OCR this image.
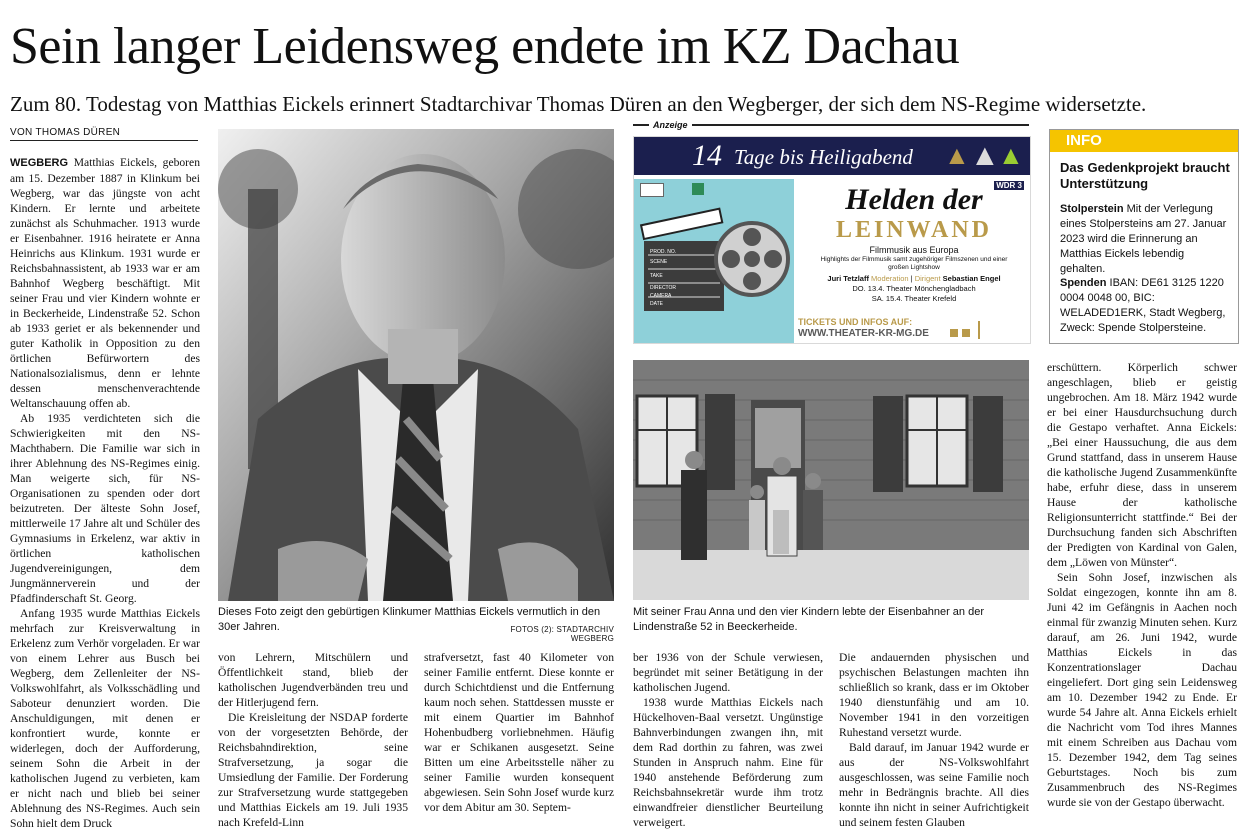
Sein langer Leidensweg endete im KZ Dachau
Zum 80. Todestag von Matthias Eickels erinnert Stadtarchivar Thomas Düren an den Wegberger, der sich dem NS-Regime widersetzte.
VON THOMAS DÜREN

WEGBERG Matthias Eickels, geboren am 15. Dezember 1887 in Klinkum bei Wegberg, war das jüngste von acht Kindern. Er lernte und arbeitete zunächst als Schuhmacher. 1913 wurde er Eisenbahner. 1916 heiratete er Anna Heinrichs aus Klinkum. 1931 wurde er Reichsbahnassistent, ab 1933 war er am Bahnhof Wegberg beschäftigt. Mit seiner Frau und vier Kindern wohnte er in Beckerheide, Lindenstraße 52. Schon ab 1933 geriet er als bekennender und guter Katholik in Opposition zu den örtlichen Befürwortern des Nationalsozialismus, denn er lehnte dessen menschenverachtende Weltanschauung offen ab.

Ab 1935 verdichteten sich die Schwierigkeiten mit den NS-Machthabern. Die Familie war sich in ihrer Ablehnung des NS-Regimes einig. Man weigerte sich, für NS-Organisationen zu spenden oder dort beizutreten. Der älteste Sohn Josef, mittlerweile 17 Jahre alt und Schüler des Gymnasiums in Erkelenz, war aktiv in örtlichen katholischen Jugendvereinigungen, dem Jungmännerverein und der Pfadfinderschaft St. Georg.

Anfang 1935 wurde Matthias Eickels mehrfach zur Kreisverwaltung in Erkelenz zum Verhör vorgeladen. Er war von einem Lehrer aus Busch bei Wegberg, dem Zellenleiter der NS-Volkswohlfahrt, als Volksschädling und Saboteur denunziert worden. Die Anschuldigungen, mit denen er konfrontiert wurde, konnte er widerlegen, doch der Aufforderung, seinem Sohn die Arbeit in der katholischen Jugend zu verbieten, kam er nicht nach und blieb bei seiner Ablehnung des NS-Regimes. Auch sein Sohn hielt dem Druck

Dieses Foto zeigt den gebürtigen Klinkumer Matthias Eickels vermutlich in den 30er Jahren.	FOTOS (2): STADTARCHIV WEGBERG

von Lehrern, Mitschülern und Öffentlichkeit stand, blieb der katholischen Jugendverbänden treu und der Hitlerjugend fern.

Die Kreisleitung der NSDAP forderte von der vorgesetzten Behörde, der Reichsbahndirektion, seine Strafversetzung, ja sogar die Umsiedlung der Familie. Der Forderung zur Strafversetzung wurde stattgegeben und Matthias Eickels am 19. Juli 1935 nach Krefeld-Linn

strafversetzt, fast 40 Kilometer von seiner Familie entfernt. Diese konnte er durch Schichtdienst und die Entfernung kaum noch sehen. Stattdessen musste er mit einem Quartier im Bahnhof Hohenbudberg vorliebnehmen. Häufig war er Schikanen ausgesetzt. Seine Bitten um eine Arbeitsstelle näher zu seiner Familie wurden konsequent abgewiesen. Sein Sohn Josef wurde kurz vor dem Abitur am 30. Septem-

Anzeige
14 Tage bis Heiligabend ▲ ▲
▲
PROD. NO.
SCENE
TAKE
DIRECTOR
CAMERA
DATE
WDR 3
Helden der
LEINWAND
Filmmusik aus Europa
Highlights der Filmmusik samt zugehöriger Filmszenen und einer großen Lightshow
Juri Tetzlaff Moderation | Dirigent Sebastian Engel
DO. 13.4. Theater Mönchengladbach
SA. 15.4. Theater Krefeld
TICKETS UND INFOS AUF:
WWW.THEATER-KR-MG.DE
Mit seiner Frau Anna und den vier Kindern lebte der Eisenbahner an der Lindenstraße 52 in Beeckerheide.

ber 1936 von der Schule verwiesen, begründet mit seiner Betätigung in der katholischen Jugend.

1938 wurde Matthias Eickels nach Hückelhoven-Baal versetzt. Ungünstige Bahnverbindungen zwangen ihn, mit dem Rad dorthin zu fahren, was zwei Stunden in Anspruch nahm. Eine für 1940 anstehende Beförderung zum Reichsbahnsekretär wurde ihm trotz einwandfreier dienstlicher Beurteilung verweigert.

Die andauernden physischen und psychischen Belastungen machten ihn schließlich so krank, dass er im Oktober 1940 dienstunfähig und am 10. November 1941 in den vorzeitigen Ruhestand versetzt wurde.

Bald darauf, im Januar 1942 wurde er aus der NS-Volkswohlfahrt ausgeschlossen, was seine Familie noch mehr in Bedrängnis brachte. All dies konnte ihn nicht in seiner Aufrichtigkeit und seinem festen Glauben

INFO
Das Gedenkprojekt braucht Unterstützung
Stolperstein Mit der Verlegung eines Stolpersteins am 27. Januar 2023 wird die Erinnerung an Matthias Eickels lebendig gehalten.
Spenden IBAN: DE61 3125 1220 0004 0048 00, BIC: WELADED1ERK, Stadt Wegberg, Zweck: Spende Stolpersteine.

erschüttern. Körperlich schwer angeschlagen, blieb er geistig ungebrochen. Am 18. März 1942 wurde er bei einer Hausdurchsuchung durch die Gestapo verhaftet. Anna Eickels: „Bei einer Haussuchung, die aus dem Grund stattfand, dass in unserem Hause die katholische Jugend Zusammenkünfte habe, erfuhr diese, dass in unserem Hause der katholische Religionsunterricht stattfinde.“ Bei der Durchsuchung fanden sich Abschriften der Predigten von Kardinal von Galen, dem „Löwen von Münster“.

Sein Sohn Josef, inzwischen als Soldat eingezogen, konnte ihn am 8. Juni 42 im Gefängnis in Aachen noch einmal für zwanzig Minuten sehen. Kurz darauf, am 26. Juni 1942, wurde Matthias Eickels in das Konzentrationslager Dachau eingeliefert. Dort ging sein Leidensweg am 10. Dezember 1942 zu Ende. Er wurde 54 Jahre alt. Anna Eickels erhielt die Nachricht vom Tod ihres Mannes mit einem Schreiben aus Dachau vom 15. Dezember 1942, dem Tag seines Geburtstages. Noch bis zum Zusammenbruch des NS-Regimes wurde sie von der Gestapo überwacht.
